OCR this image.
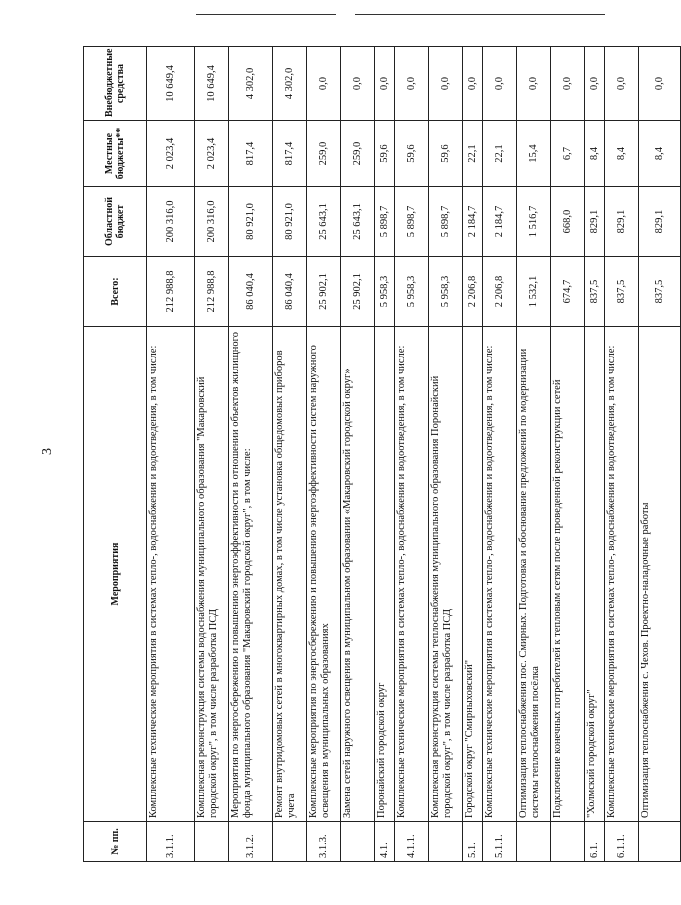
3
№ пп.	Мероприятия	Всего:	Областной бюджет	Местные бюджеты**	Внебюджетные средства
3.1.1.	Комплексные технические мероприятия в системах тепло-, водоснабжения и водоотведения, в том числе:	212 988,8	200 316,0	2 023,4	10 649,4
	Комплексная реконструкция системы водоснабжения муниципального образования "Макаровский городской округ", в том числе разработка ПСД	212 988,8	200 316,0	2 023,4	10 649,4
3.1.2.	Мероприятия по энергосбережению и повышению энергоэффективности в отношении объектов жилищного фонда муниципального образования "Макаровский городской округ", в том числе:	86 040,4	80 921,0	817,4	4 302,0
	Ремонт внутридомовых сетей в многоквартирных домах, в том числе установка общедомовых приборов учета	86 040,4	80 921,0	817,4	4 302,0
3.1.3.	Комплексные мероприятия по энергосбережению и повышению энергоэффективности систем наружного освещения в муниципальных образованиях	25 902,1	25 643,1	259,0	0,0
	Замена сетей наружного освещения в муниципальном образовании «Макаровский городской округ»	25 902,1	25 643,1	259,0	0,0
4.1.	Поронайский городской округ	5 958,3	5 898,7	59,6	0,0
4.1.1.	Комплексные технические мероприятия в системах тепло-, водоснабжения и водоотведения, в том числе:	5 958,3	5 898,7	59,6	0,0
	Комплексная реконструкция системы теплоснабжения муниципального образования Поронайский городской округ", в том числе разработка ПСД	5 958,3	5 898,7	59,6	0,0
5.1.	Городской округ "Смирныховский"	2 206,8	2 184,7	22,1	0,0
5.1.1.	Комплексные технические мероприятия в системах тепло-, водоснабжения и водоотведения, в том числе:	2 206,8	2 184,7	22,1	0,0
	Оптимизация теплоснабжения пос. Смирных. Подготовка и обоснование предложений по модернизации системы теплоснабжения посёлка	1 532,1	1 516,7	15,4	0,0
	Подключение конечных потребителей к тепловым сетям после проведенной реконструкции сетей	674,7	668,0	6,7	0,0
6.1.	"Холмский городской округ"	837,5	829,1	8,4	0,0
6.1.1.	Комплексные технические мероприятия в системах тепло-, водоснабжения и водоотведения, в том числе:	837,5	829,1	8,4	0,0
	Оптимизация теплоснабжения с. Чехов. Проектно-наладочные работы	837,5	829,1	8,4	0,0
